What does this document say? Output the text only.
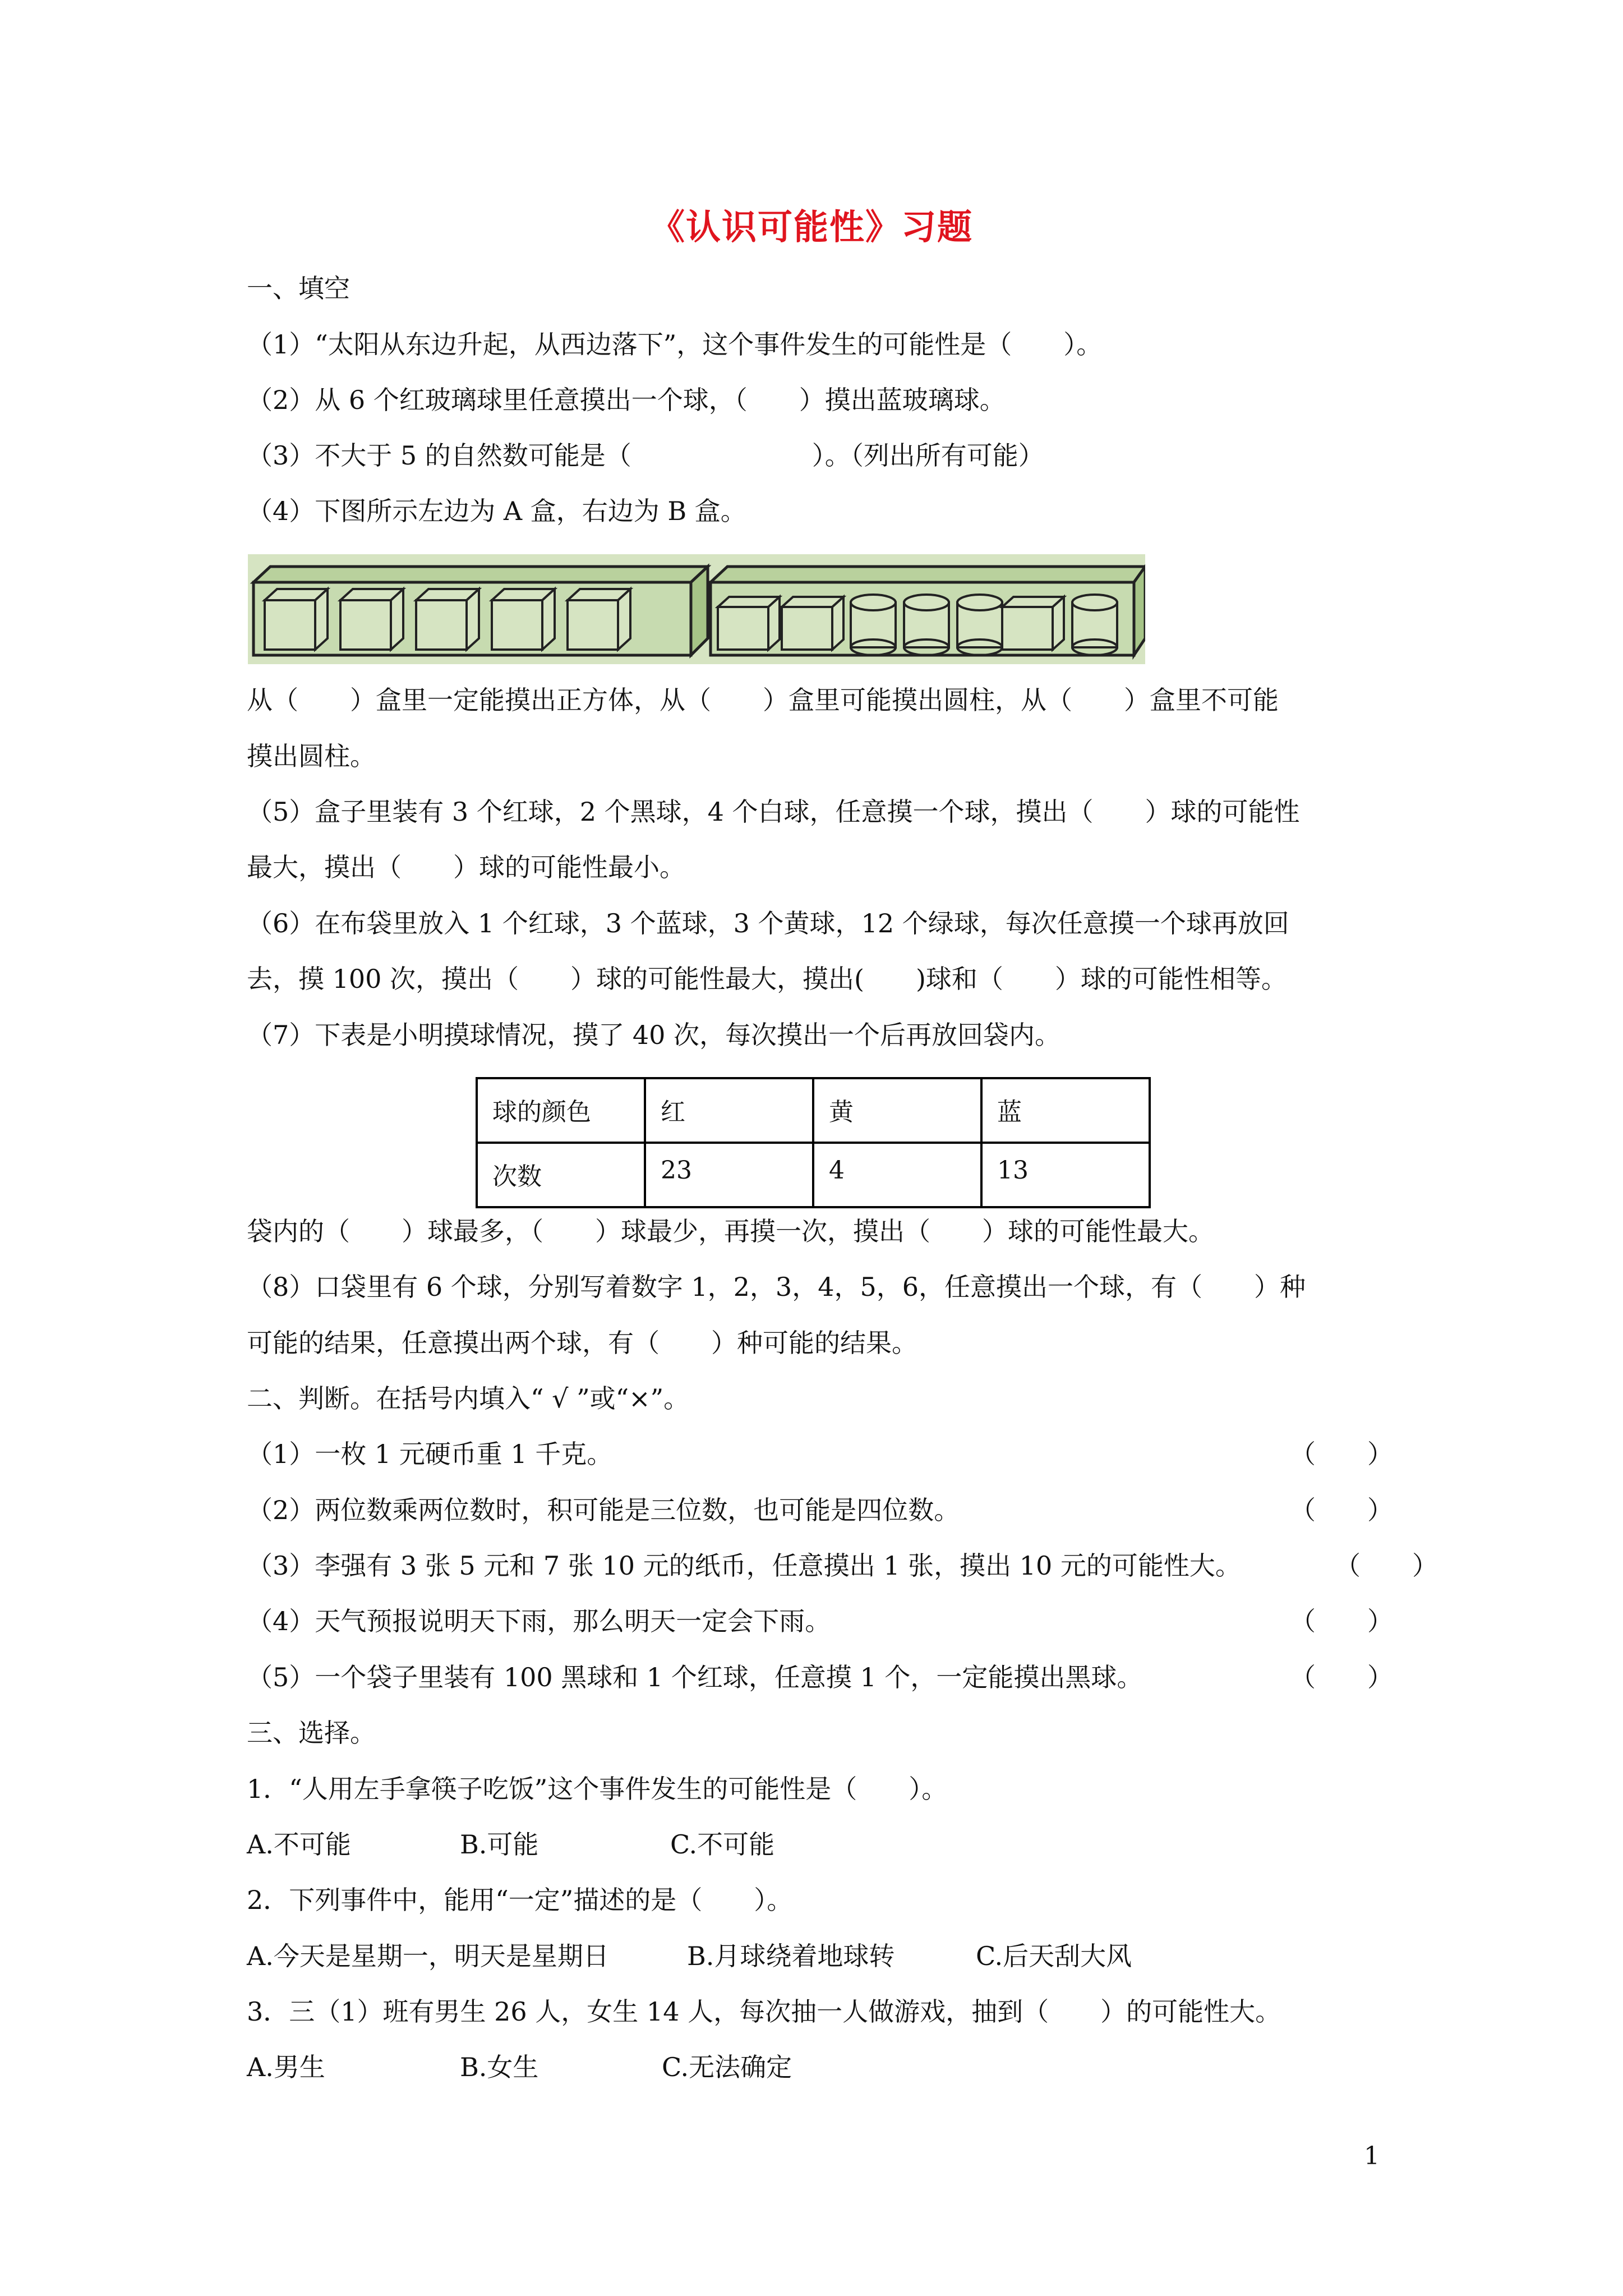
《认识可能性》习题
一、填空
（1）“太阳从东边升起，从西边落下”，这个事件发生的可能性是（　　）。
（2）从 6 个红玻璃球里任意摸出一个球，（　　）摸出蓝玻璃球。
（3）不大于 5 的自然数可能是（　　　　　　　）。（列出所有可能）
（4）下图所示左边为 A 盒，右边为 B 盒。
从（　　）盒里一定能摸出正方体，从（　　）盒里可能摸出圆柱，从（　　）盒里不可能
摸出圆柱。
（5）盒子里装有 3 个红球，2 个黑球，4 个白球，任意摸一个球，摸出（　　）球的可能性
最大，摸出（　　）球的可能性最小。
（6）在布袋里放入 1 个红球，3 个蓝球，3 个黄球，12 个绿球，每次任意摸一个球再放回
去，摸 100 次，摸出（　　）球的可能性最大，摸出(　　)球和（　　）球的可能性相等。
（7）下表是小明摸球情况，摸了 40 次，每次摸出一个后再放回袋内。
球的颜色	红	黄	蓝
次数	23	4	13
袋内的（　　）球最多，（　　）球最少，再摸一次，摸出（　　）球的可能性最大。
（8）口袋里有 6 个球，分别写着数字 1，2，3，4，5，6，任意摸出一个球，有（　　）种
可能的结果，任意摸出两个球，有（　　）种可能的结果。
二、判断。在括号内填入“ √ ”或“×”。
（1）一枚 1 元硬币重 1 千克。	（　　）
（2）两位数乘两位数时，积可能是三位数，也可能是四位数。	（　　）
（3）李强有 3 张 5 元和 7 张 10 元的纸币，任意摸出 1 张，摸出 10 元的可能性大。	（　　）
（4）天气预报说明天下雨，那么明天一定会下雨。	（　　）
（5）一个袋子里装有 100 黑球和 1 个红球，任意摸 1 个，一定能摸出黑球。	（　　）
三、选择。
1．“人用左手拿筷子吃饭”这个事件发生的可能性是（　　）。
A.不可能	B.可能	C.不可能
2．下列事件中，能用“一定”描述的是（　　）。
A.今天是星期一，明天是星期日	B.月球绕着地球转	C.后天刮大风
3．三（1）班有男生 26 人，女生 14 人，每次抽一人做游戏，抽到（　　）的可能性大。
A.男生	B.女生	C.无法确定
1
